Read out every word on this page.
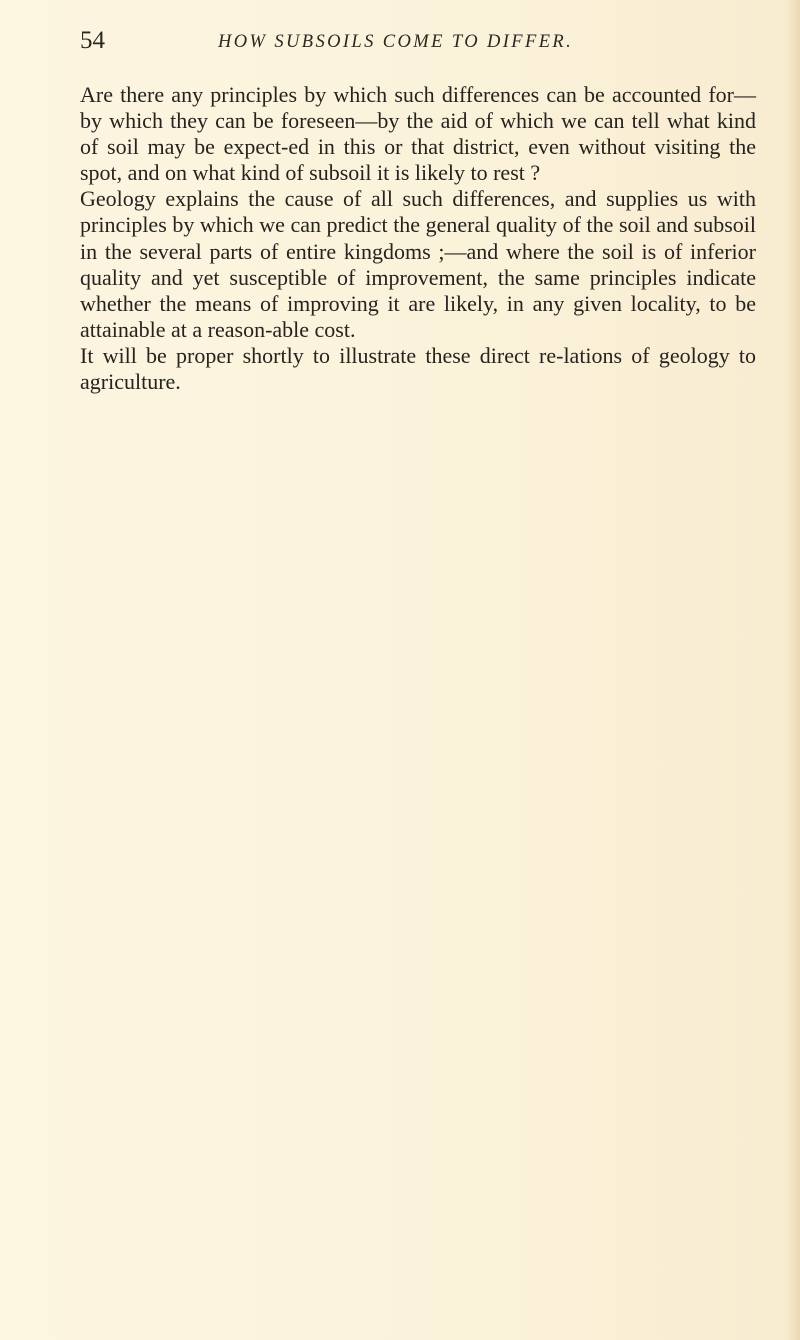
54	HOW SUBSOILS COME TO DIFFER.

Are there any principles by which such differences can be accounted for—by which they can be foreseen—by the aid of which we can tell what kind of soil may be expect-ed in this or that district, even without visiting the spot, and on what kind of subsoil it is likely to rest ?

Geology explains the cause of all such differences, and supplies us with principles by which we can predict the general quality of the soil and subsoil in the several parts of entire kingdoms ;—and where the soil is of inferior quality and yet susceptible of improvement, the same principles indicate whether the means of improving it are likely, in any given locality, to be attainable at a reason-able cost.

It will be proper shortly to illustrate these direct re-lations of geology to agriculture.
